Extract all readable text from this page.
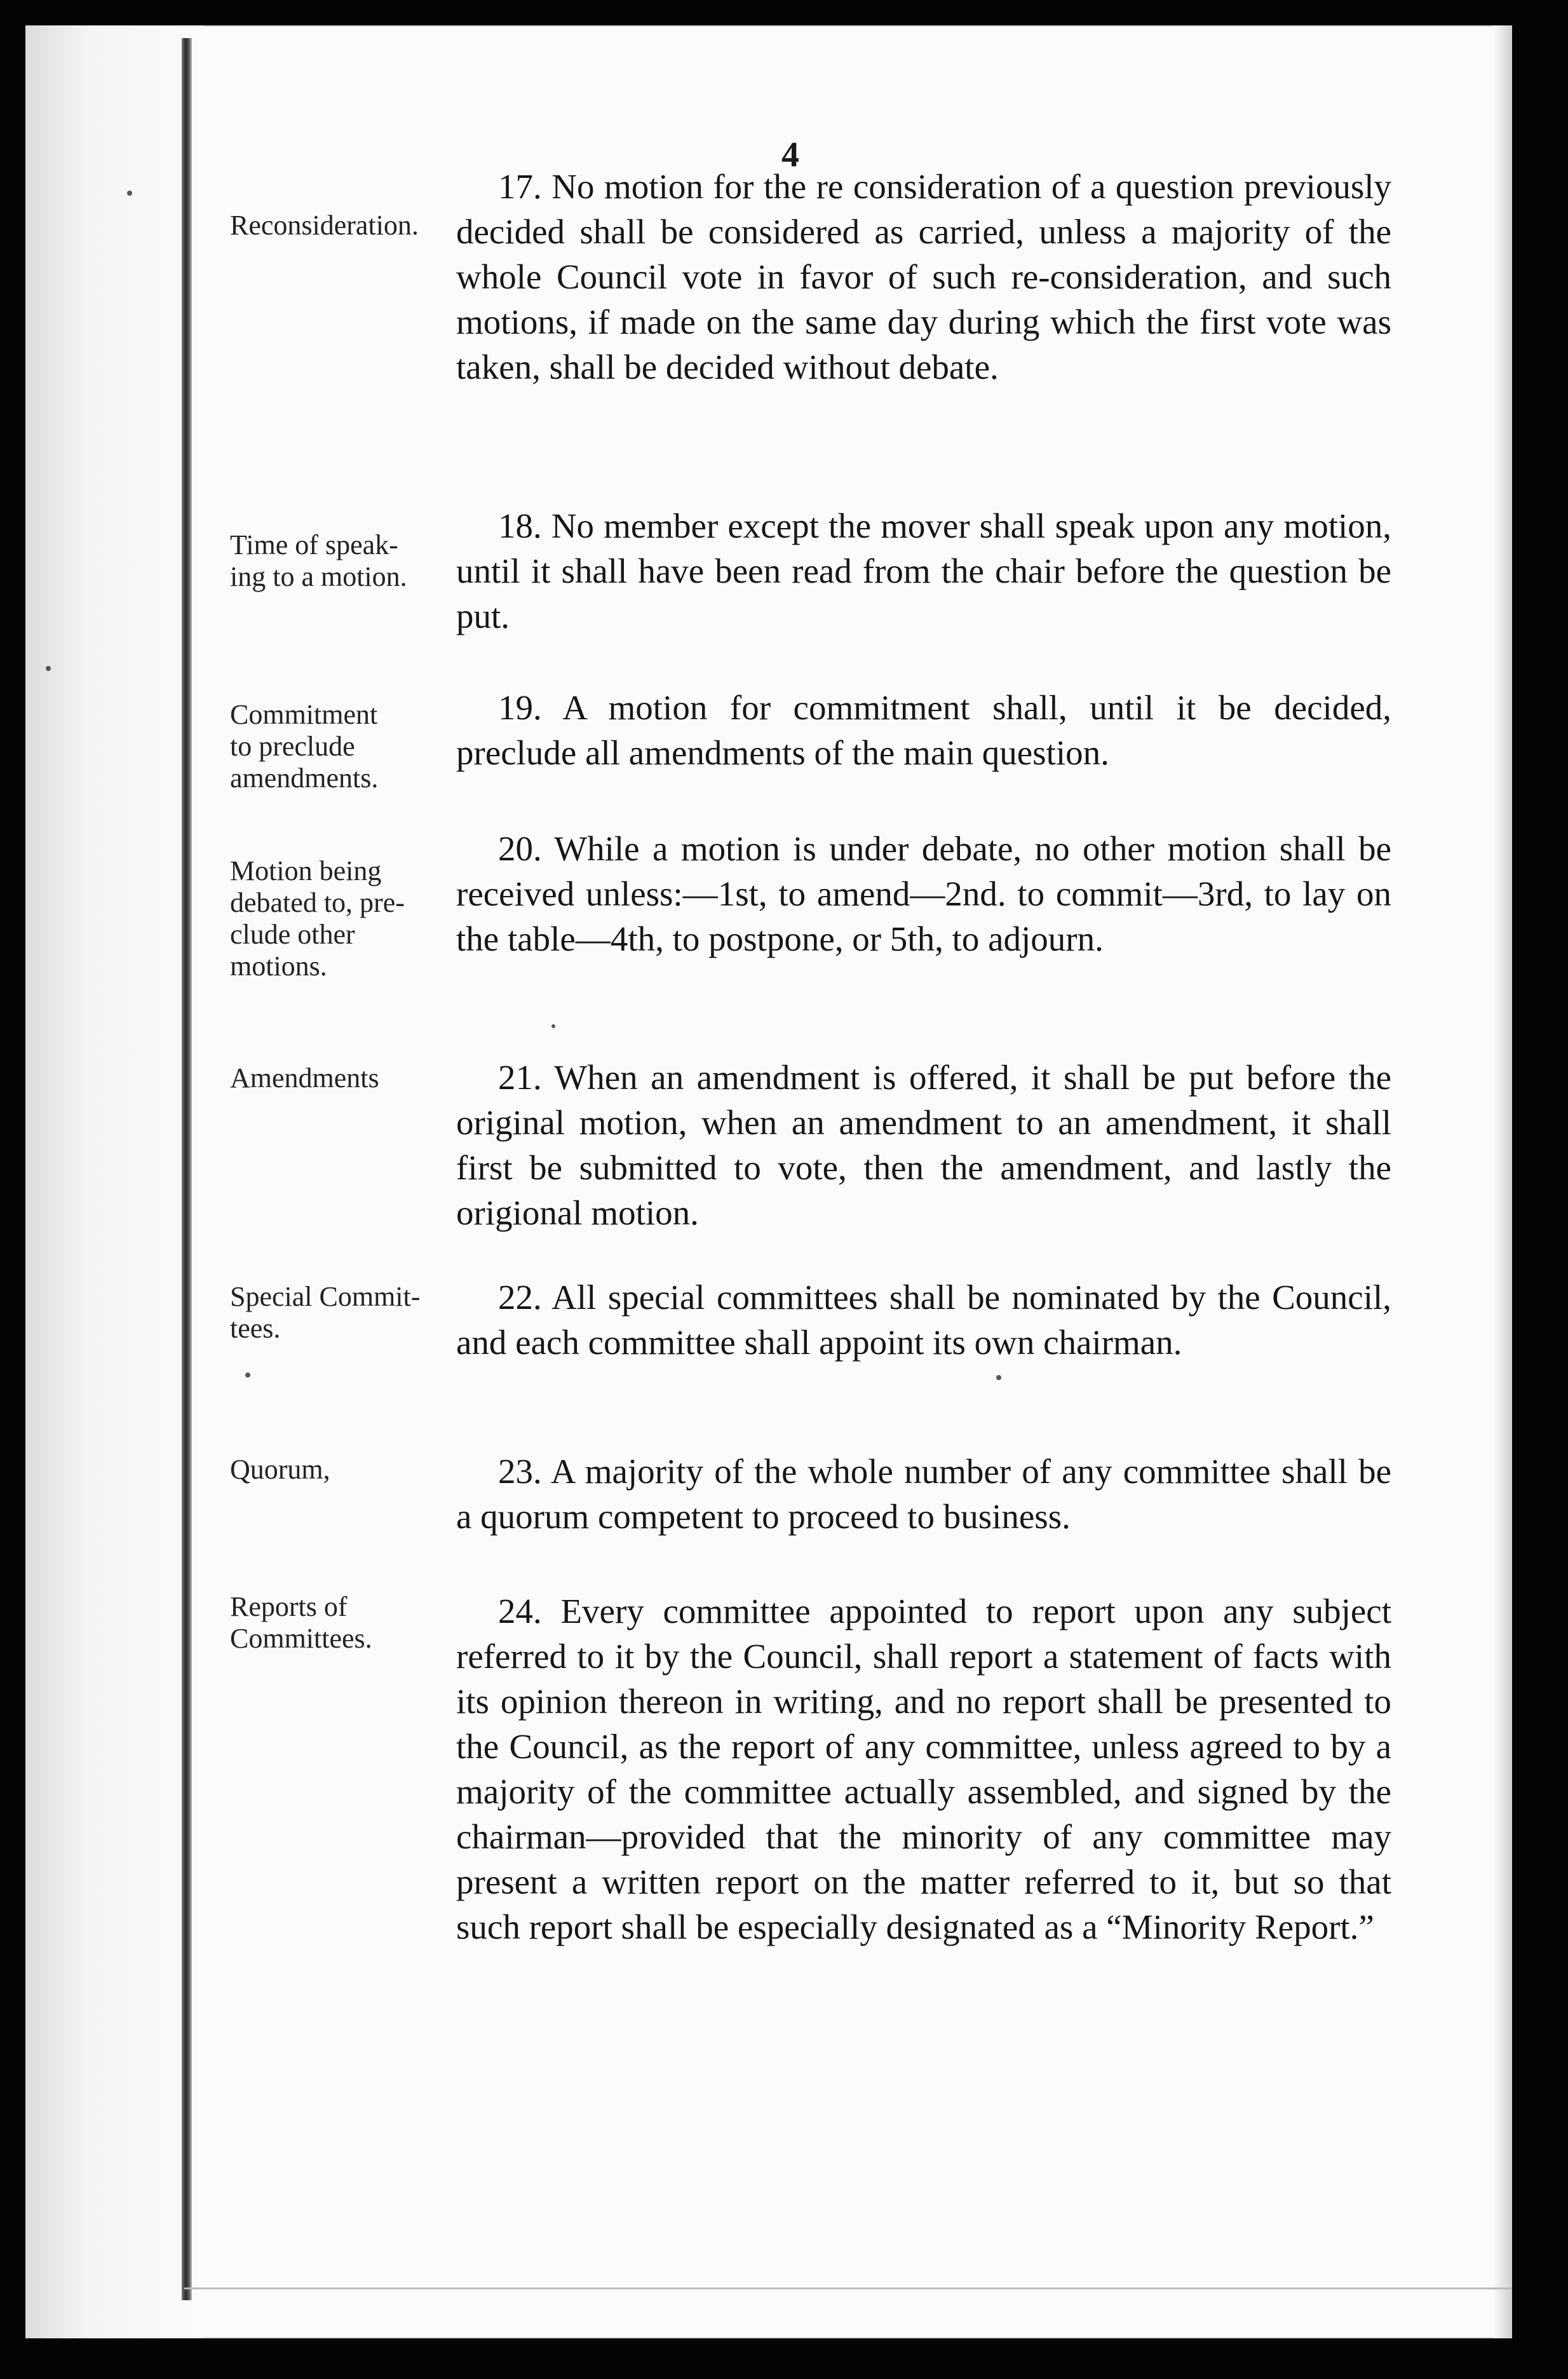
4
Reconsideration.

17. No motion for the re consideration of a question previously decided shall be considered as carried, unless a majority of the whole Council vote in favor of such re-consideration, and such motions, if made on the same day during which the first vote was taken, shall be decided without debate.

Time of speak-
ing to a motion.

18. No member except the mover shall speak upon any motion, until it shall have been read from the chair before the question be put.

Commitment
to preclude
amendments.

19. A motion for commitment shall, until it be decided, preclude all amendments of the main question.

Motion being
debated to, pre-
clude other
motions.

20. While a motion is under debate, no other motion shall be received unless:—1st, to amend—2nd. to commit—3rd, to lay on the table—4th, to postpone, or 5th, to adjourn.

Amendments	21. When an amendment is offered, it shall be put before the original motion, when an amendment to an amendment, it shall first be submitted to vote, then the amendment, and lastly the origional motion.

Special Commit-
tees.

22. All special committees shall be nominated by the Council, and each committee shall appoint its own chairman.

Quorum,	23. A majority of the whole number of any committee shall be a quorum competent to proceed to business.

Reports of
Committees.

24. Every committee appointed to report upon any subject referred to it by the Council, shall report a statement of facts with its opinion thereon in writing, and no report shall be presented to the Council, as the report of any committee, unless agreed to by a majority of the committee actually assembled, and signed by the chairman—provided that the minority of any committee may present a written report on the matter referred to it, but so that such report shall be especially designated as a “Minority Report.”
